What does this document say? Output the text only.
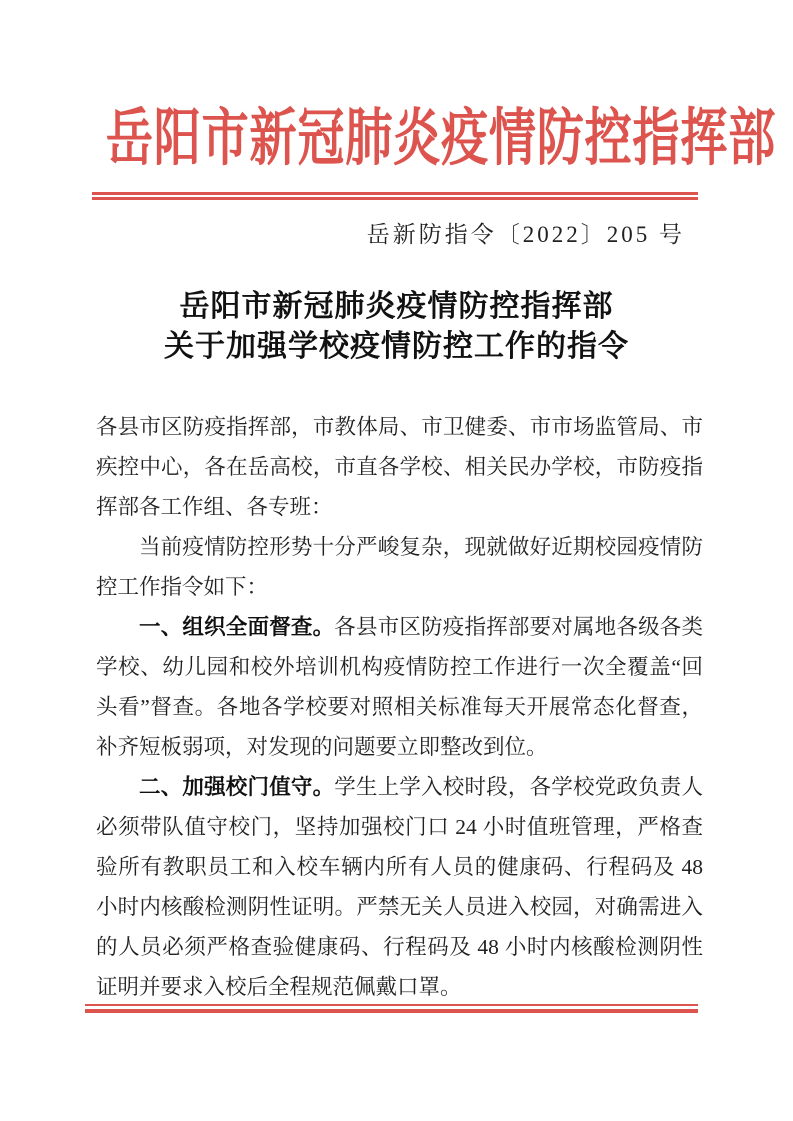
岳阳市新冠肺炎疫情防控指挥部
岳新防指令〔2022〕205 号
岳阳市新冠肺炎疫情防控指挥部
关于加强学校疫情防控工作的指令

各县市区防疫指挥部，市教体局、市卫健委、市市场监管局、市疾控中心，各在岳高校，市直各学校、相关民办学校，市防疫指挥部各工作组、各专班：

当前疫情防控形势十分严峻复杂，现就做好近期校园疫情防控工作指令如下：

一、组织全面督查。各县市区防疫指挥部要对属地各级各类学校、幼儿园和校外培训机构疫情防控工作进行一次全覆盖“回头看”督查。各地各学校要对照相关标准每天开展常态化督查，补齐短板弱项，对发现的问题要立即整改到位。

二、加强校门值守。学生上学入校时段，各学校党政负责人必须带队值守校门，坚持加强校门口 24 小时值班管理，严格查验所有教职员工和入校车辆内所有人员的健康码、行程码及 48 小时内核酸检测阴性证明。严禁无关人员进入校园，对确需进入的人员必须严格查验健康码、行程码及 48 小时内核酸检测阴性证明并要求入校后全程规范佩戴口罩。
